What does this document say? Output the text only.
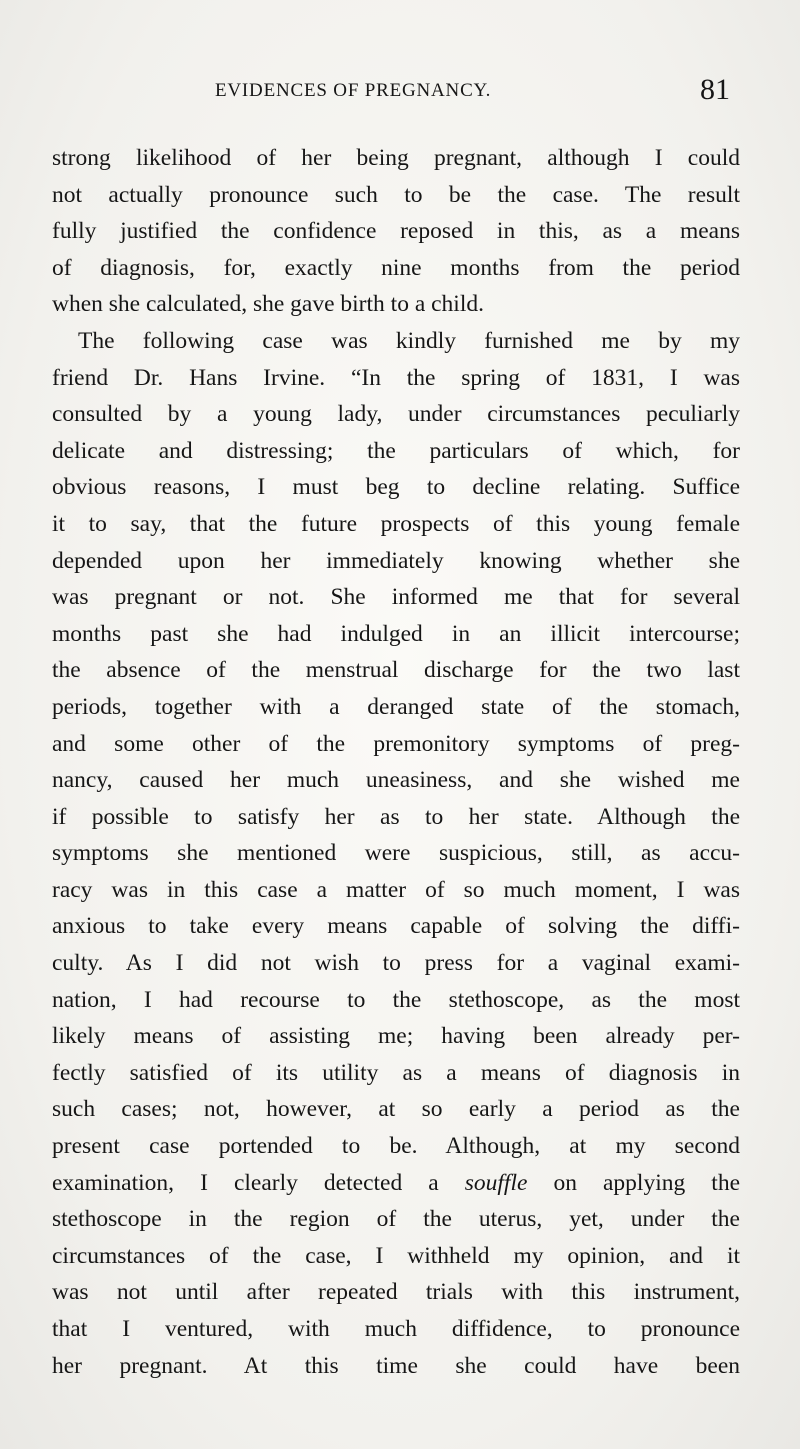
EVIDENCES OF PREGNANCY.	81
strong likelihood of her being pregnant, although I could
not actually pronounce such to be the case. The result
fully justified the confidence reposed in this, as a means
of diagnosis, for, exactly nine months from the period
when she calculated, she gave birth to a child.
The following case was kindly furnished me by my
friend Dr. Hans Irvine. “In the spring of 1831, I was
consulted by a young lady, under circumstances peculiarly
delicate and distressing; the particulars of which, for
obvious reasons, I must beg to decline relating. Suffice
it to say, that the future prospects of this young female
depended upon her immediately knowing whether she
was pregnant or not. She informed me that for several
months past she had indulged in an illicit intercourse;
the absence of the menstrual discharge for the two last
periods, together with a deranged state of the stomach,
and some other of the premonitory symptoms of preg-
nancy, caused her much uneasiness, and she wished me
if possible to satisfy her as to her state. Although the
symptoms she mentioned were suspicious, still, as accu-
racy was in this case a matter of so much moment, I was
anxious to take every means capable of solving the diffi-
culty. As I did not wish to press for a vaginal exami-
nation, I had recourse to the stethoscope, as the most
likely means of assisting me; having been already per-
fectly satisfied of its utility as a means of diagnosis in
such cases; not, however, at so early a period as the
present case portended to be. Although, at my second
examination, I clearly detected a souffle on applying the
stethoscope in the region of the uterus, yet, under the
circumstances of the case, I withheld my opinion, and it
was not until after repeated trials with this instrument,
that I ventured, with much diffidence, to pronounce
her pregnant. At this time she could have been
